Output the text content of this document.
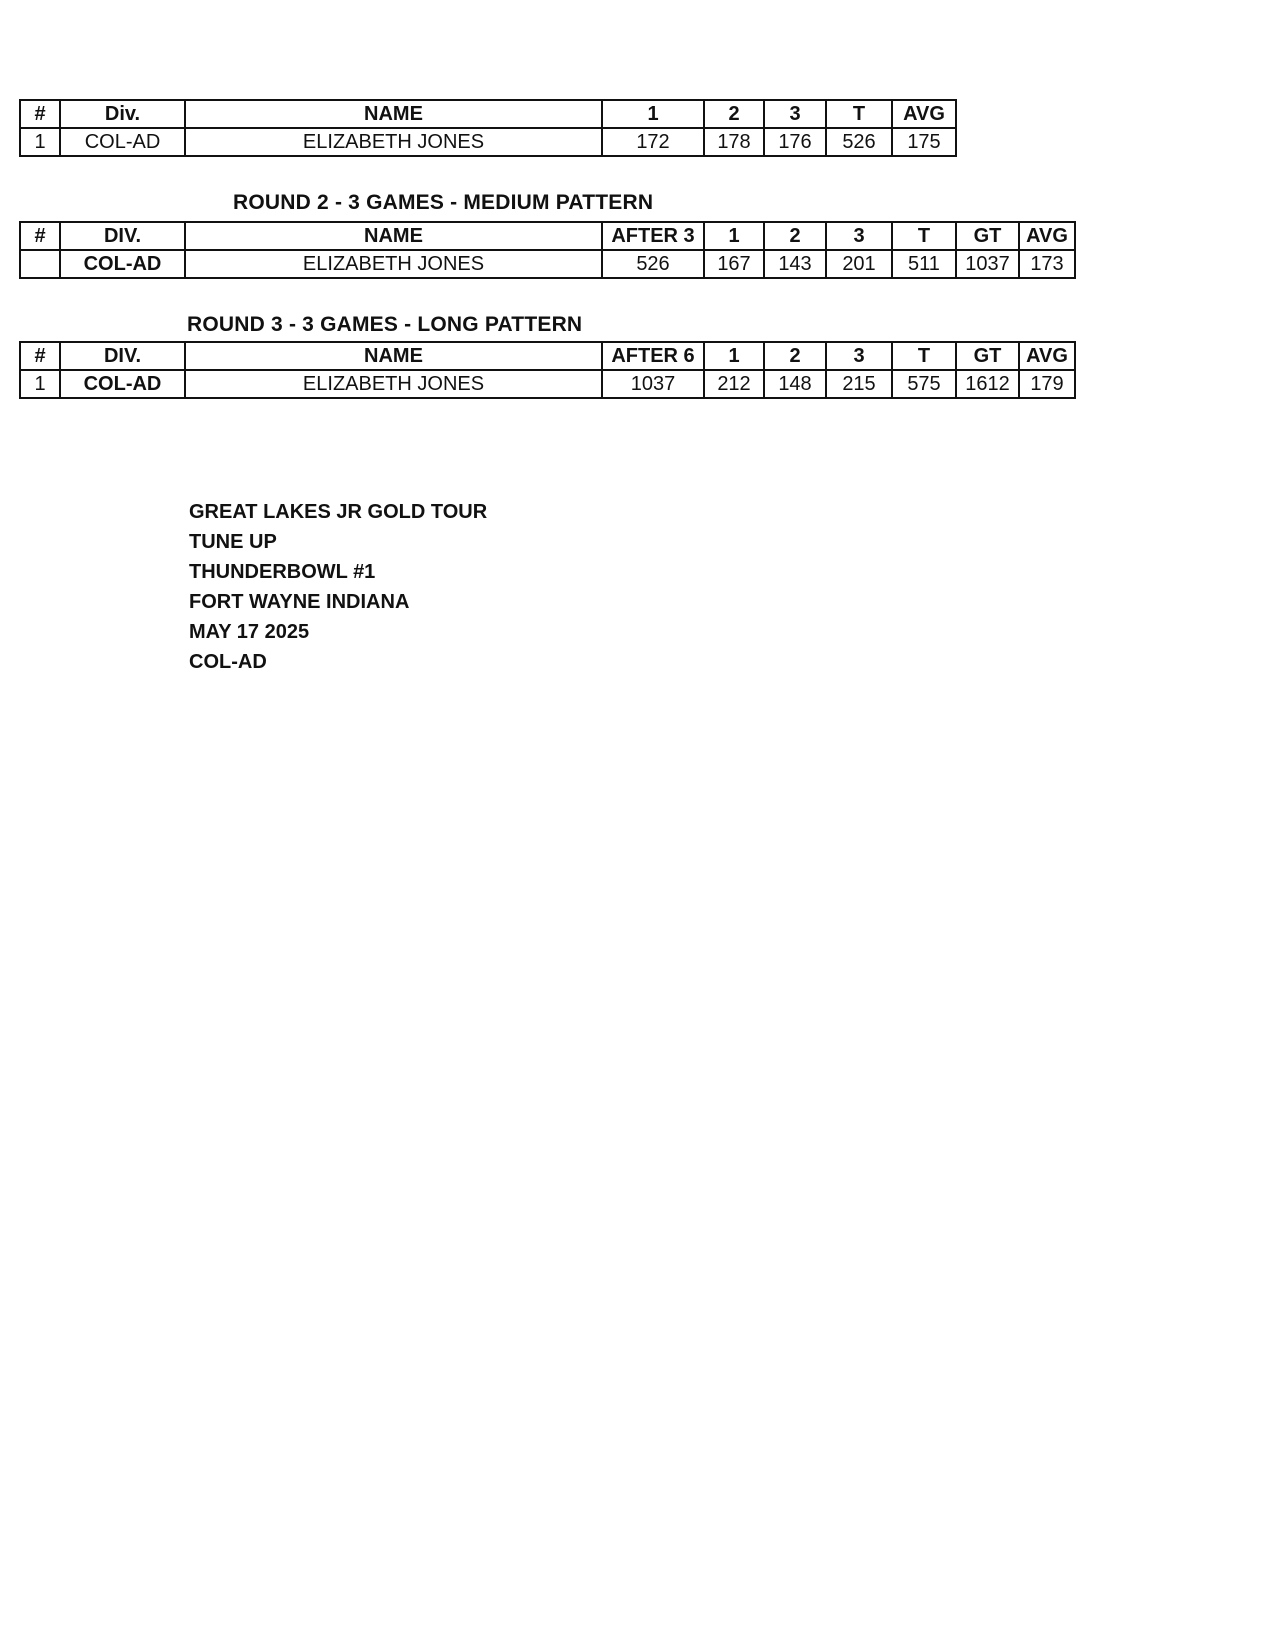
#	Div.	NAME	1	2	3	T	AVG
1	COL-AD	ELIZABETH JONES	172	178	176	526	175
ROUND 2 - 3 GAMES - MEDIUM PATTERN
#	DIV.	NAME	AFTER 3	1	2	3	T	GT	AVG
	COL-AD	ELIZABETH JONES	526	167	143	201	511	1037	173
ROUND 3 - 3 GAMES - LONG PATTERN
#	DIV.	NAME	AFTER 6	1	2	3	T	GT	AVG
1	COL-AD	ELIZABETH JONES	1037	212	148	215	575	1612	179
GREAT LAKES JR GOLD TOUR
TUNE UP
THUNDERBOWL #1
FORT WAYNE INDIANA
MAY 17 2025
COL-AD
